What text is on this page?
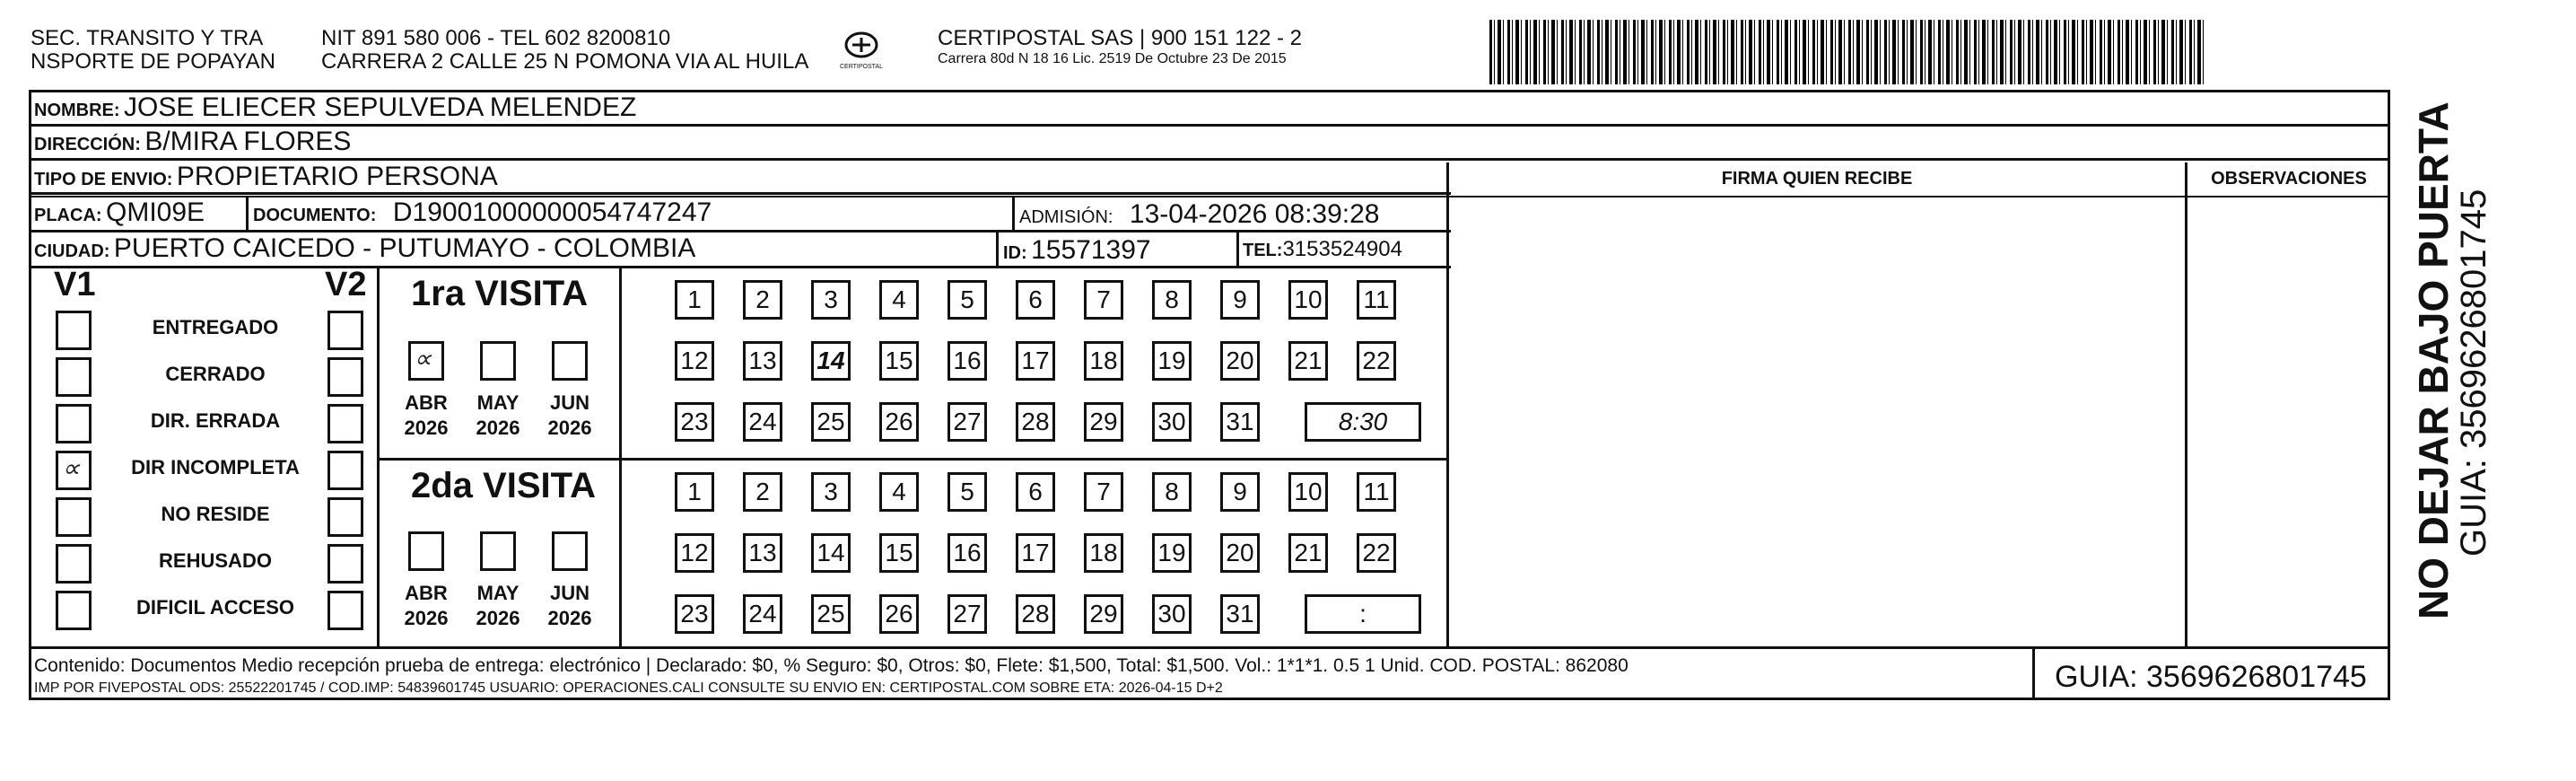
SEC. TRANSITO Y TRA
NSPORTE DE POPAYAN
NIT 891 580 006 - TEL 602 8200810
CARRERA 2 CALLE 25 N POMONA VIA AL HUILA	CERTIPOSTAL
CERTIPOSTAL SAS | 900 151 122 - 2
Carrera 80d N 18 16 Lic. 2519 De Octubre 23 De 2015
NOMBRE: JOSE ELIECER SEPULVEDA MELENDEZ
DIRECCIÓN: B/MIRA FLORES
TIPO DE ENVIO: PROPIETARIO PERSONA	FIRMA QUIEN RECIBE	OBSERVACIONES
PLACA: QMI09E	DOCUMENTO: D19001000000054747247	ADMISIÓN: 13-04-2026 08:39:28
CIUDAD: PUERTO CAICEDO - PUTUMAYO - COLOMBIA	ID: 15571397	TEL:3153524904
V1	V2
ENTREGADO
CERRADO
DIR. ERRADA
∝	DIR INCOMPLETA
NO RESIDE
REHUSADO
DIFICIL ACCESO
1ra VISITA
∝
ABR
2026
MAY
2026
JUN
2026
1	2	3	4	5	6	7	8	9	10 11
12 13 14 15 16 17 18 19 20 21 22
23 24 25 26 27 28 29 30 31	8:30
2da VISITA
ABR
2026
MAY
2026
JUN
2026
1	2	3	4	5	6	7	8	9	10 11
12 13 14 15 16 17 18 19 20 21 22
23 24 25 26 27 28 29 30 31	:
Contenido: Documentos Medio recepción prueba de entrega: electrónico | Declarado: $0, % Seguro: $0, Otros: $0, Flete: $1,500, Total: $1,500. Vol.: 1*1*1. 0.5 1 Unid. COD. POSTAL: 862080
IMP POR FIVEPOSTAL ODS: 25522201745 / COD.IMP: 54839601745 USUARIO: OPERACIONES.CALI CONSULTE SU ENVIO EN: CERTIPOSTAL.COM SOBRE ETA: 2026-04-15 D+2	GUIA: 3569626801745
NO DEJAR BAJO PUERTA
GUIA: 3569626801745
